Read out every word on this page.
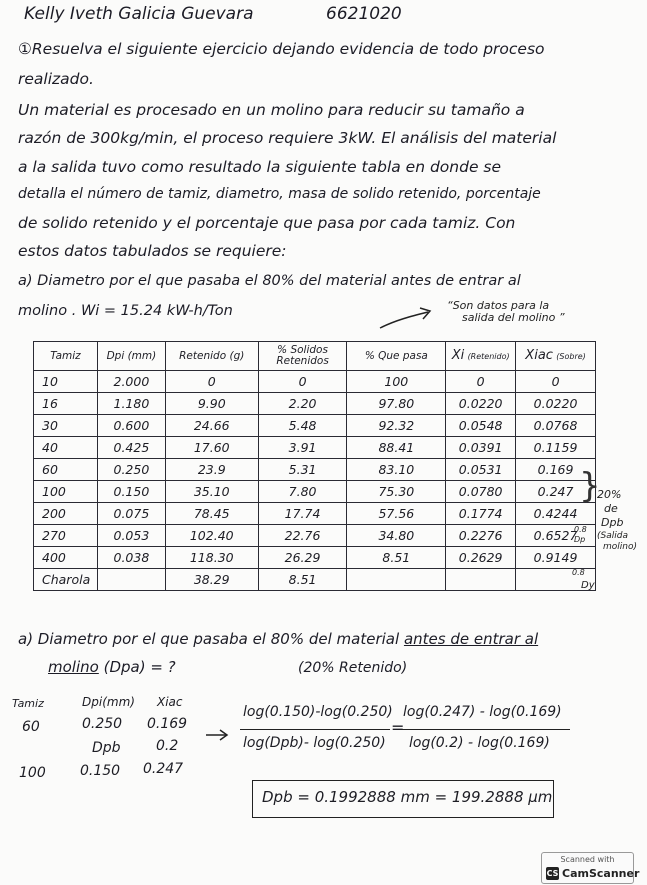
Kelly Iveth Galicia Guevara	6621020
①Resuelva el siguiente ejercicio dejando evidencia de todo proceso
realizado.
Un material es procesado en un molino para reducir su tamaño a
razón de 300kg/min, el proceso requiere 3kW. El análisis del material
a la salida tuvo como resultado la siguiente tabla en donde se
detalla el número de tamiz, diametro, masa de solido retenido, porcentaje
de solido retenido y el porcentaje que pasa por cada tamiz. Con
estos datos tabulados se requiere:
a) Diametro por el que pasaba el 80% del material antes de entrar al
molino . Wi = 15.24 kW-h/Ton	“Son datos para la
salida del molino ”
Tamiz	Dpi (mm)	Retenido (g)	% Solidos Retenidos	% Que pasa	Xi (Retenido)	Xiac (Sobre)
10	2.000	0	0	100	0	0
16	1.180	9.90	2.20	97.80	0.0220	0.0220
30	0.600	24.66	5.48	92.32	0.0548	0.0768
40	0.425	17.60	3.91	88.41	0.0391	0.1159
60	0.250	23.9	5.31	83.10	0.0531	0.169
100	0.150	35.10	7.80	75.30	0.0780	0.247
200	0.075	78.45	17.74	57.56	0.1774	0.4244
270	0.053	102.40	22.76	34.80	0.2276	0.6527
400	0.038	118.30	26.29	8.51	0.2629	0.9149
Charola		38.29	8.51			
}
20%
de
Dpb
(Salida
molino)
0.8
Dp
0.8
Dy
a) Diametro por el que pasaba el 80% del material antes de entrar al
molino (Dpa) = ?	(20% Retenido)
Tamiz	Dpi(mm) Xiac
60	0.250 0.169
Dpb	0.2
100 0.150 0.247
log(0.150)-log(0.250)
log(Dpb)- log(0.250)
=
log(0.247) - log(0.169)
log(0.2) - log(0.169)
Dpb = 0.1992888 mm = 199.2888 μm
Scanned with
CS CamScanner
